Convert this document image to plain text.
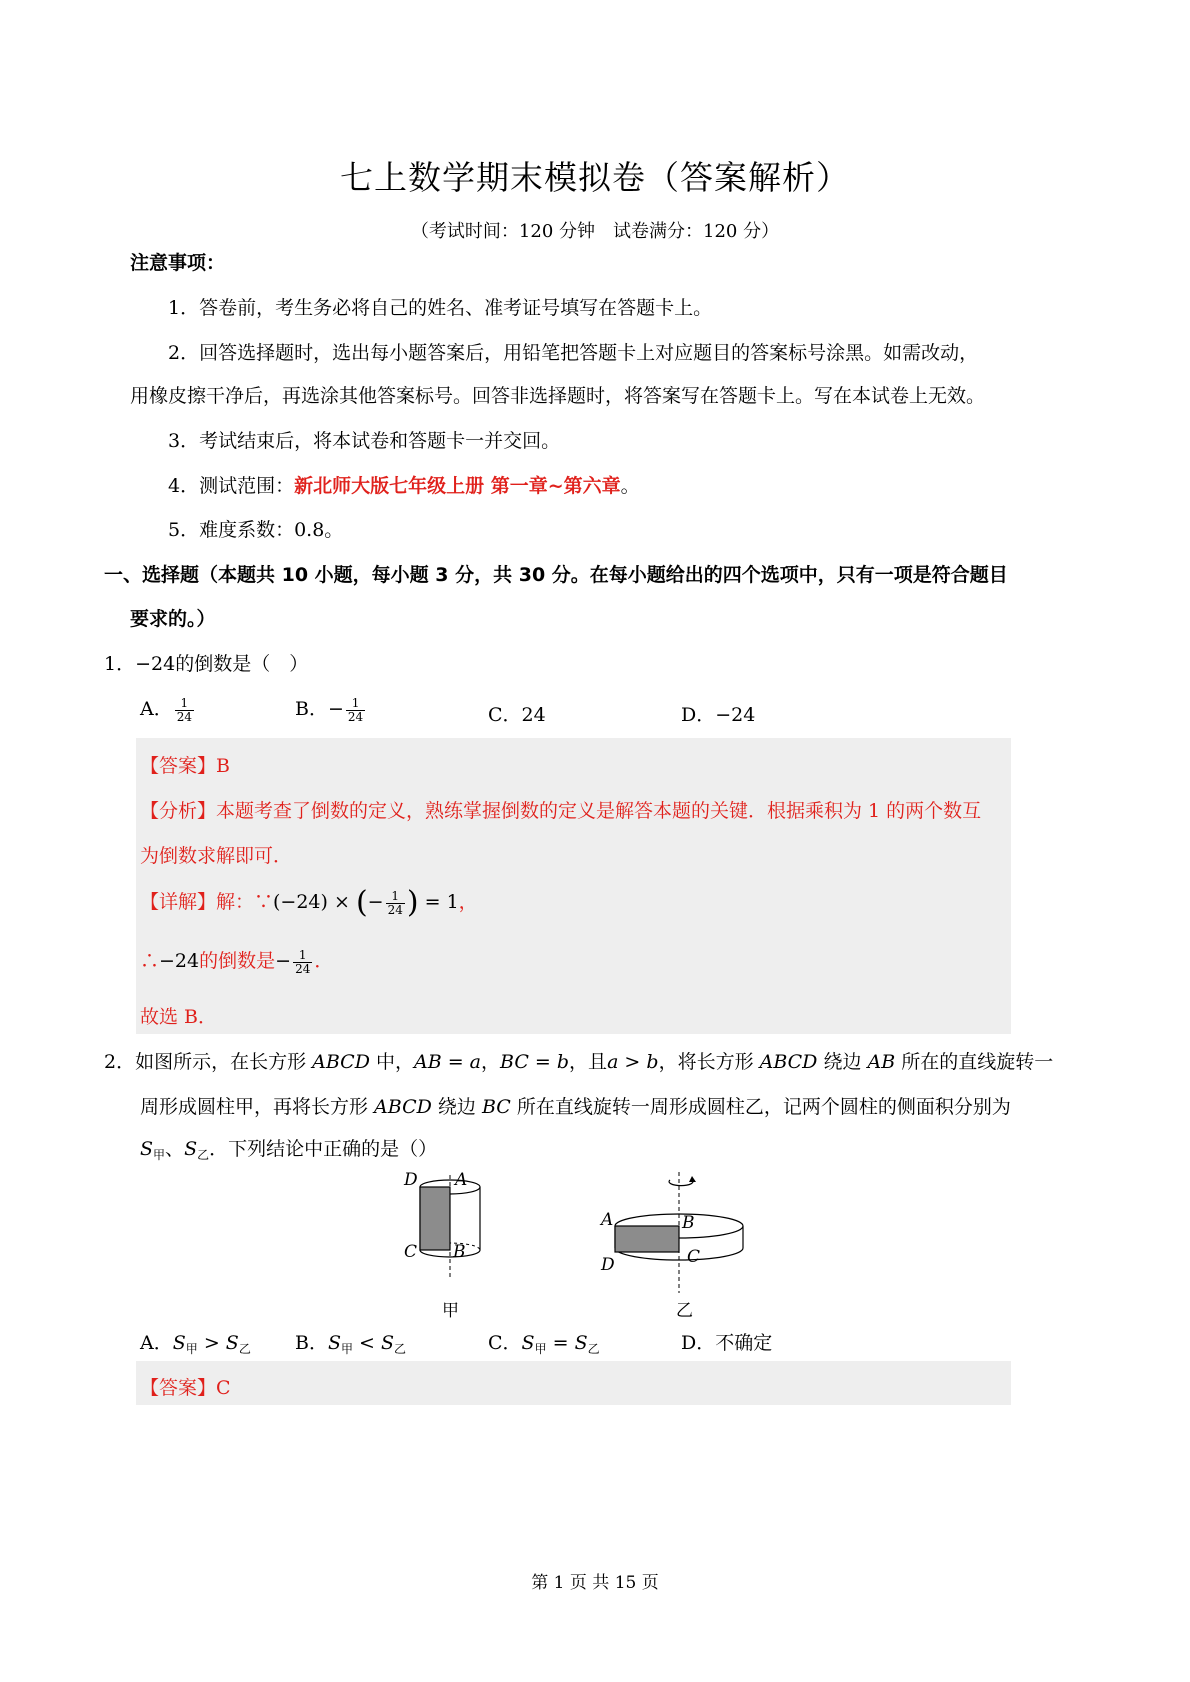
七上数学期末模拟卷（答案解析）
（考试时间：120 分钟　试卷满分：120 分）
注意事项：
1．答卷前，考生务必将自己的姓名、准考证号填写在答题卡上。
2．回答选择题时，选出每小题答案后，用铅笔把答题卡上对应题目的答案标号涂黑。如需改动，
用橡皮擦干净后，再选涂其他答案标号。回答非选择题时，将答案写在答题卡上。写在本试卷上无效。
3．考试结束后，将本试卷和答题卡一并交回。
4．测试范围：新北师大版七年级上册 第一章~第六章。
5．难度系数：0.8。
一、选择题（本题共 10 小题，每小题 3 分，共 30 分。在每小题给出的四个选项中，只有一项是符合题目
要求的。）
1．−24的倒数是（　）
A． $\frac{1}{24}$	B．− $\frac{1}{24}$	C．24	D．−24
【答案】B
【分析】本题考查了倒数的定义，熟练掌握倒数的定义是解答本题的关键．根据乘积为 1 的两个数互
为倒数求解即可．
【详解】解：∵(−24) × (− $\frac{1}{24}$ ) = 1，
∴−24的倒数是− $\frac{1}{24}$ ．
故选 B．
2．如图所示，在长方形 ABCD 中，AB = a，BC = b，且a > b，将长方形 ABCD 绕边 AB 所在的直线旋转一
周形成圆柱甲，再将长方形 ABCD 绕边 BC 所在直线旋转一周形成圆柱乙，记两个圆柱的侧面积分别为
$S_甲$、$S_乙$．下列结论中正确的是（）
D A
C B
甲
A	B
D	C
乙
A．$S_甲 > S_乙$ B．$S_甲 < S_乙$	C．$S_甲 = S_乙$	D．不确定
【答案】C
第 1 页 共 15 页
